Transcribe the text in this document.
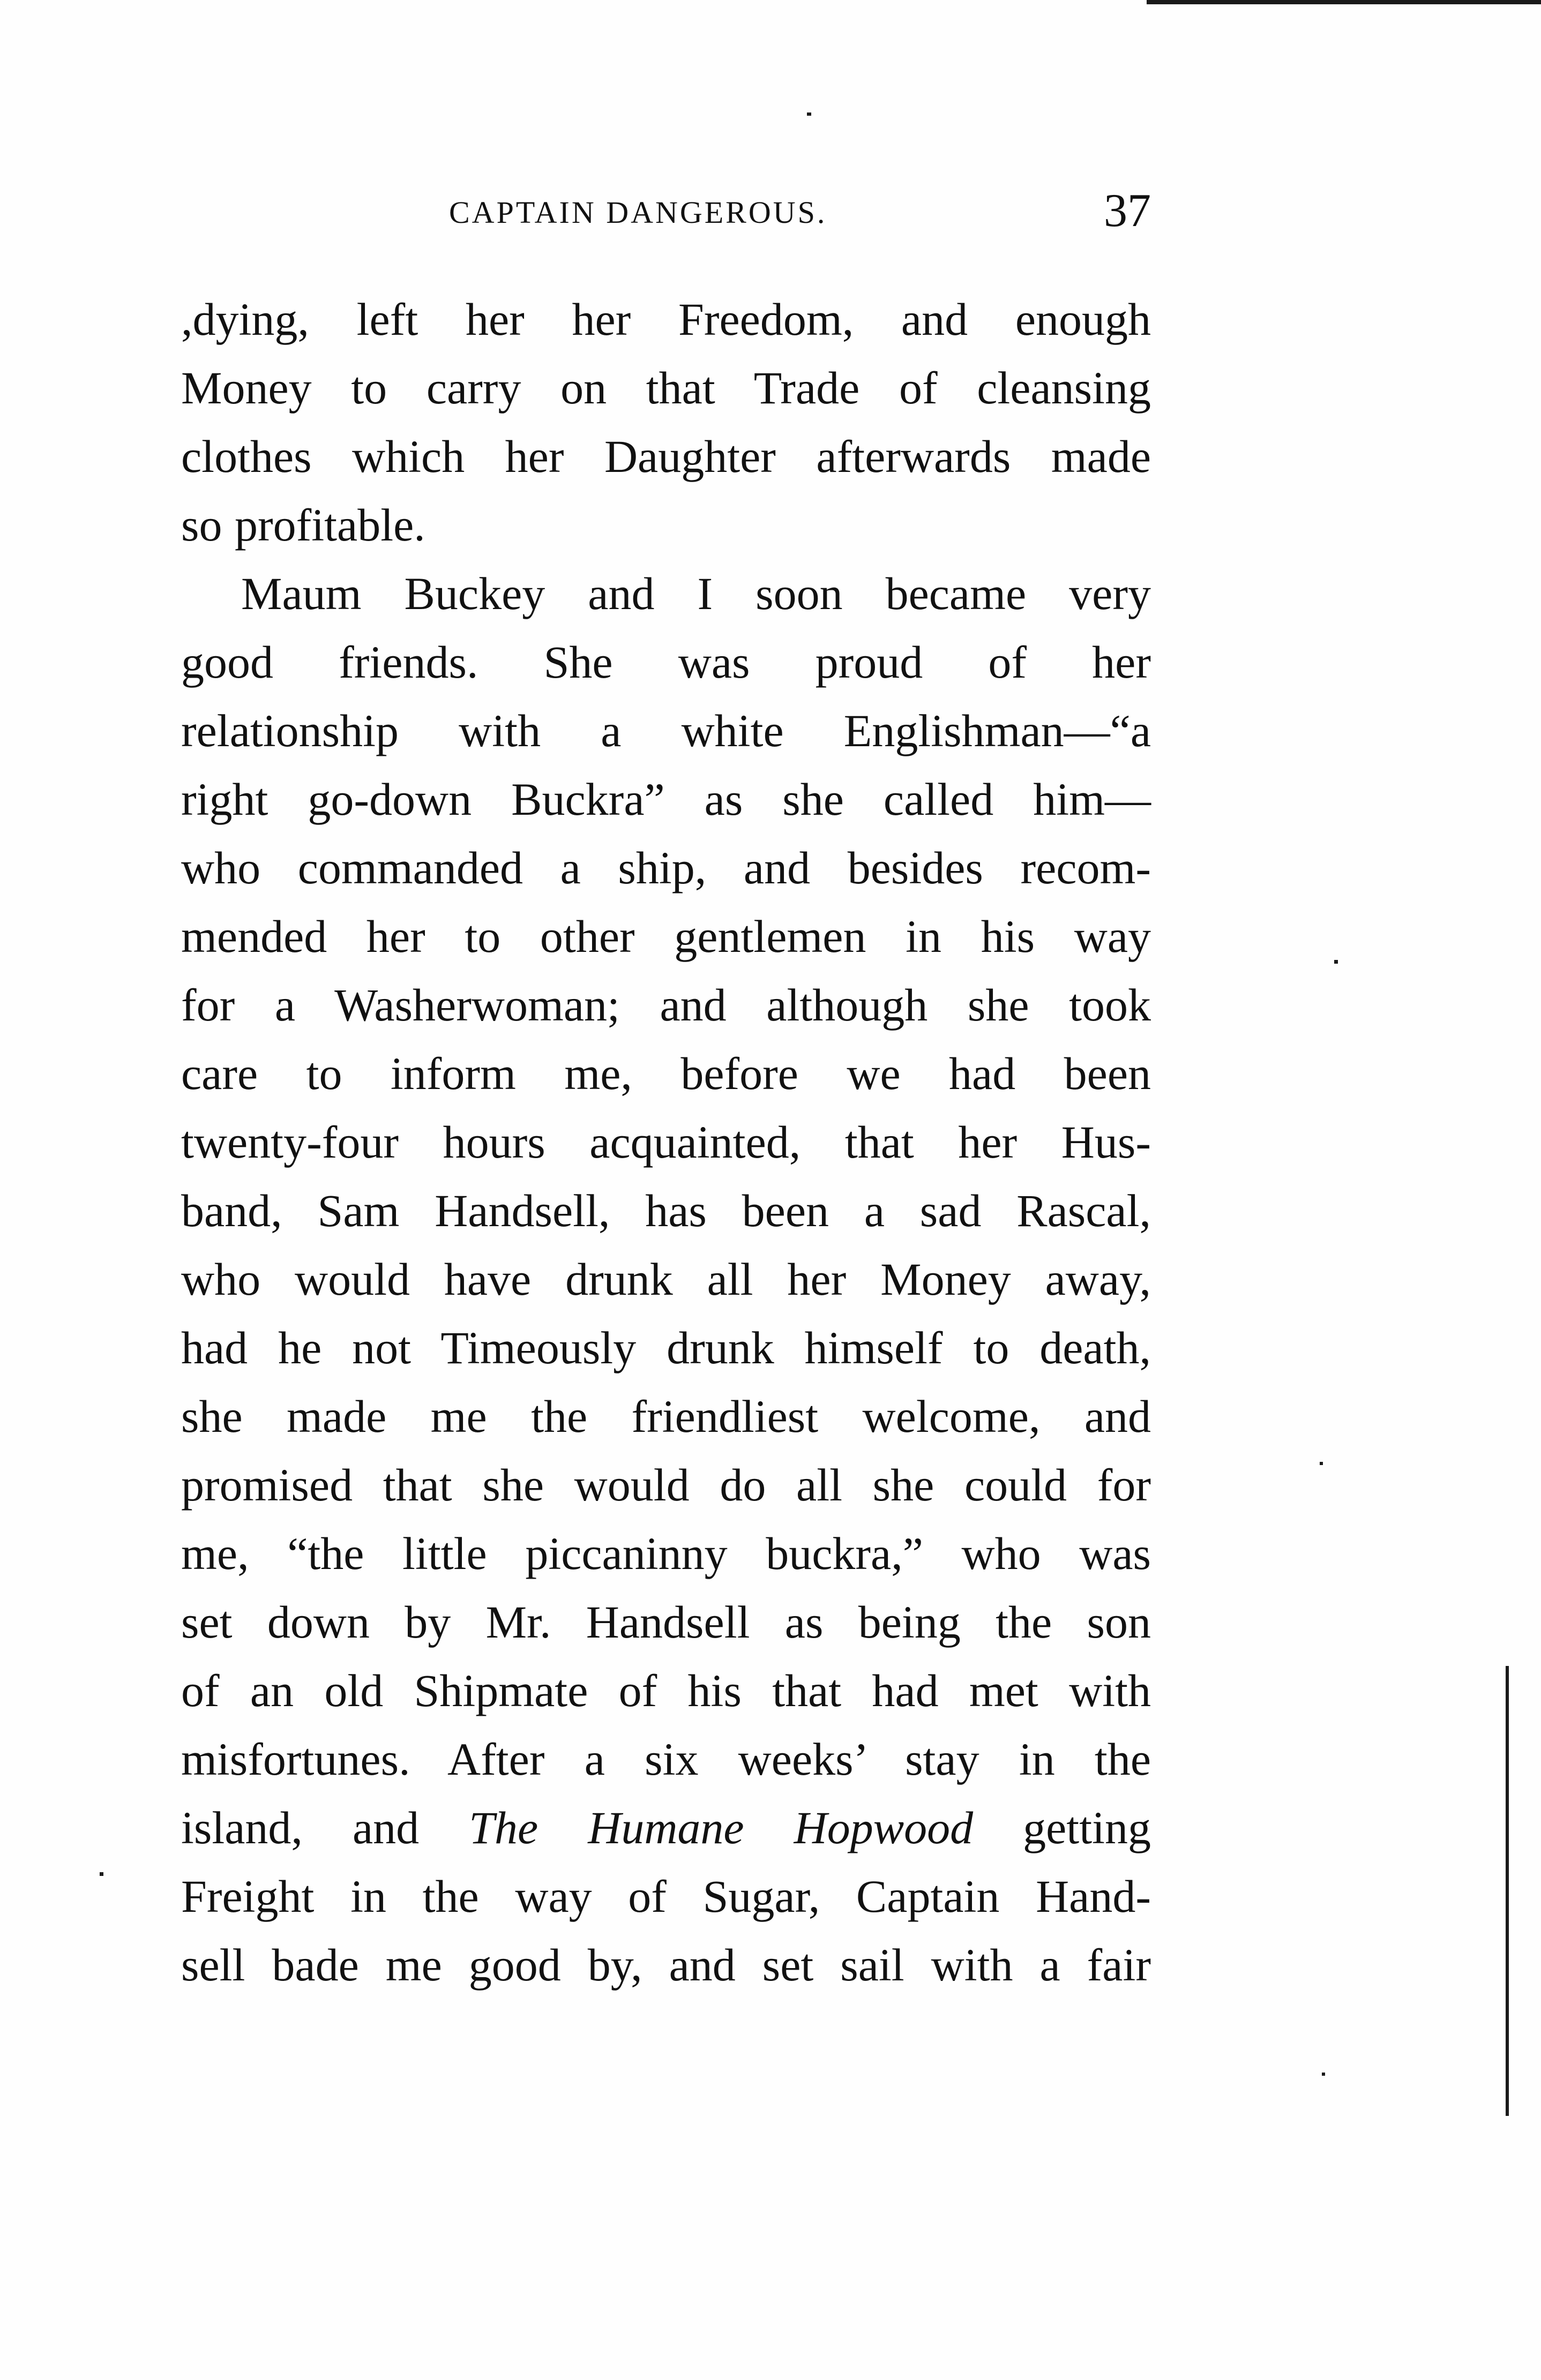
CAPTAIN DANGEROUS.	37
,dying, left her her Freedom, and enough
Money to carry on that Trade of cleansing
clothes which her Daughter afterwards made
so profitable.
Maum Buckey and I soon became very
good friends. She was proud of her
relationship with a white Englishman—“a
right go-down Buckra” as she called him—
who commanded a ship, and besides recom-
mended her to other gentlemen in his way
for a Washerwoman; and although she took
care to inform me, before we had been
twenty-four hours acquainted, that her Hus-
band, Sam Handsell, has been a sad Rascal,
who would have drunk all her Money away,
had he not Timeously drunk himself to death,
she made me the friendliest welcome, and
promised that she would do all she could for
me, “the little piccaninny buckra,” who was
set down by Mr. Handsell as being the son
of an old Shipmate of his that had met with
misfortunes. After a six weeks’ stay in the
island, and The Humane Hopwood getting
Freight in the way of Sugar, Captain Hand-
sell bade me good by, and set sail with a fair
